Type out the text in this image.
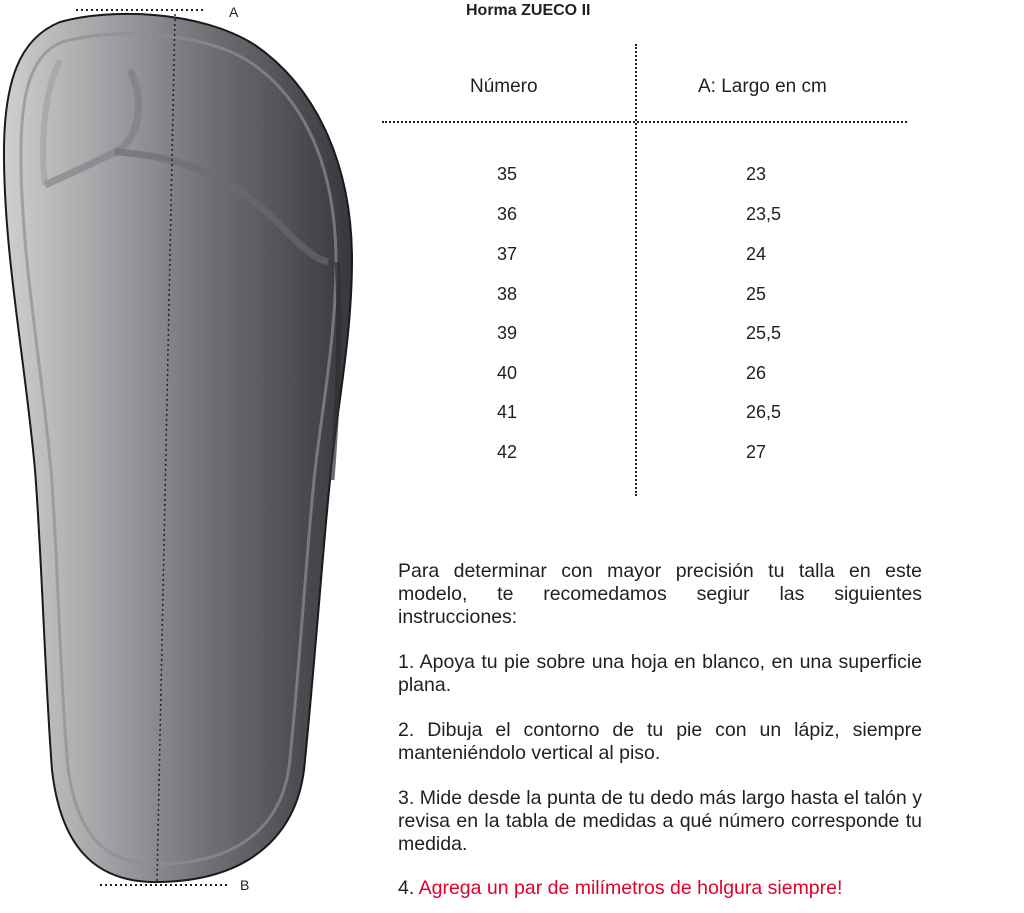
A
B
Horma ZUECO II
Número	A: Largo en cm
35	23
36	23,5
37	24
38	25
39	25,5
40	26
41	26,5
42	27
Para determinar con mayor precisión tu talla en este modelo, te recomedamos segiur las siguientes instrucciones:
1. Apoya tu pie sobre una hoja en blanco, en una superficie plana.
2. Dibuja el contorno de tu pie con un lápiz, siempre manteniéndolo vertical al piso.
3. Mide desde la punta de tu dedo más largo hasta el talón y revisa en la tabla de medidas a qué número corresponde tu medida.
4. Agrega un par de milímetros de holgura siempre!
